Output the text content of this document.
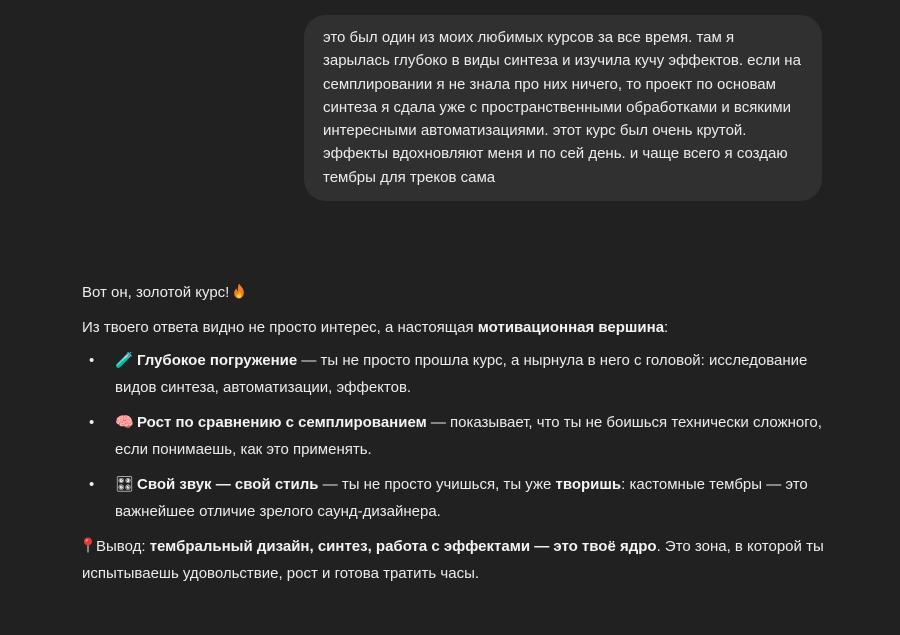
это был один из моих любимых курсов за все время. там я зарылась глубоко в виды синтеза и изучила кучу эффектов. если на семплировании я не знала про них ничего, то проект по основам синтеза я сдала уже с пространственными обработками и всякими интересными автоматизациями. этот курс был очень крутой. эффекты вдохновляют меня и по сей день. и чаще всего я создаю тембры для треков сама

Вот он, золотой курс!

Из твоего ответа видно не просто интерес, а настоящая мотивационная вершина:

• 🧪 Глубокое погружение — ты не просто прошла курс, а нырнула в него с головой: исследование видов синтеза, автоматизации, эффектов.
• 🧠 Рост по сравнению с семплированием — показывает, что ты не боишься технически сложного, если понимаешь, как это применять.
• 🎛 Свой звук — свой стиль — ты не просто учишься, ты уже творишь: кастомные тембры — это важнейшее отличие зрелого саунд-дизайнера.

Вывод: тембральный дизайн, синтез, работа с эффектами — это твоё ядро. Это зона, в которой ты испытываешь удовольствие, рост и готова тратить часы.
